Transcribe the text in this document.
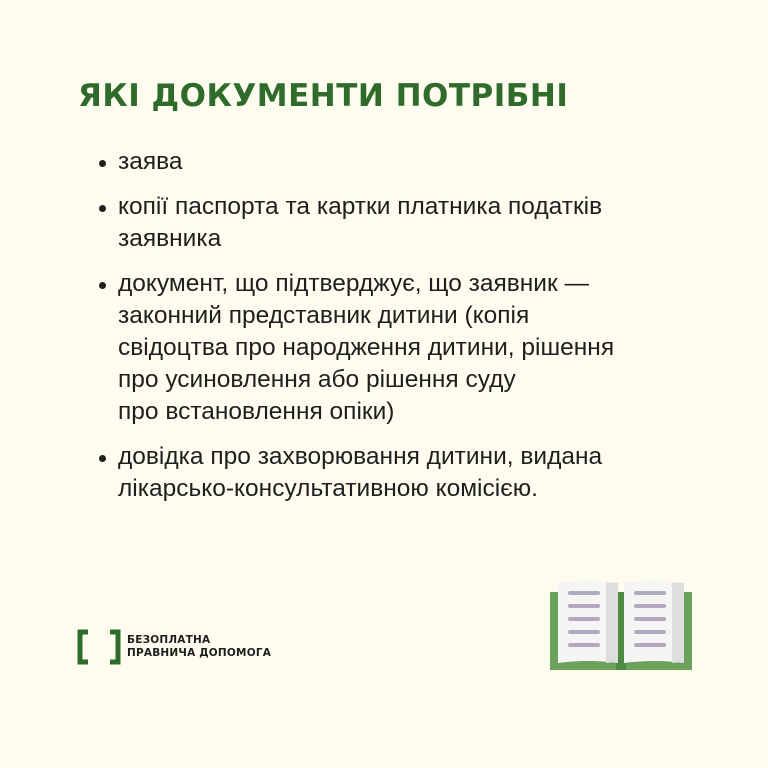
ЯКІ ДОКУМЕНТИ ПОТРІБНІ
заява
копії паспорта та картки платника податків
заявника
документ, що підтверджує, що заявник —
законний представник дитини (копія
свідоцтва про народження дитини, рішення
про усиновлення або рішення суду
про встановлення опіки)
довідка про захворювання дитини, видана
лікарсько-консультативною комісією.
БЕЗОПЛАТНА
ПРАВНИЧА ДОПОМОГА
